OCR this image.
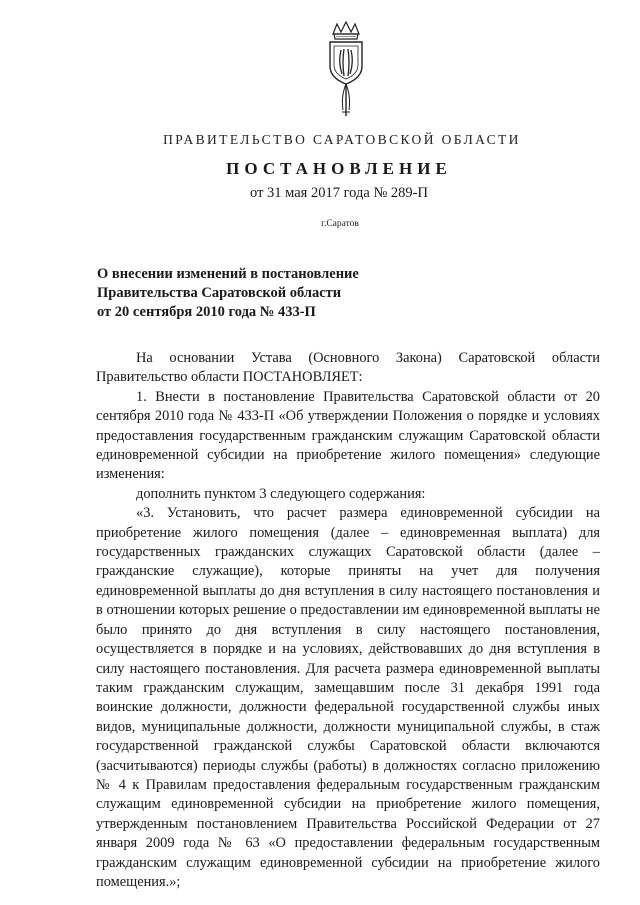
ПРАВИТЕЛЬСТВО САРАТОВСКОЙ ОБЛАСТИ
ПОСТАНОВЛЕНИЕ
от 31 мая 2017 года № 289-П
г.Саратов
О внесении изменений в постановление
Правительства Саратовской области
от 20 сентября 2010 года № 433-П

На основании Устава (Основного Закона) Саратовской области Правительство области ПОСТАНОВЛЯЕТ:

1. Внести в постановление Правительства Саратовской области от 20 сентября 2010 года № 433-П «Об утверждении Положения о порядке и условиях предоставления государственным гражданским служащим Саратовской области единовременной субсидии на приобретение жилого помещения» следующие изменения:

дополнить пунктом 3 следующего содержания:

«3. Установить, что расчет размера единовременной субсидии на приобретение жилого помещения (далее – единовременная выплата) для государственных гражданских служащих Саратовской области (далее – гражданские служащие), которые приняты на учет для получения единовременной выплаты до дня вступления в силу настоящего постановления и в отношении которых решение о предоставлении им единовременной выплаты не было принято до дня вступления в силу настоящего постановления, осуществляется в порядке и на условиях, действовавших до дня вступления в силу настоящего постановления. Для расчета размера единовременной выплаты таким гражданским служащим, замещавшим после 31 декабря 1991 года воинские должности, должности федеральной государственной службы иных видов, муниципальные должности, должности муниципальной службы, в стаж государственной гражданской службы Саратовской области включаются (засчитываются) периоды службы (работы) в должностях согласно приложению № 4 к Правилам предоставления федеральным государственным гражданским служащим единовременной субсидии на приобретение жилого помещения, утвержденным постановлением Правительства Российской Федерации от 27 января 2009 года № 63 «О предоставлении федеральным государственным гражданским служащим единовременной субсидии на приобретение жилого помещения.»;
